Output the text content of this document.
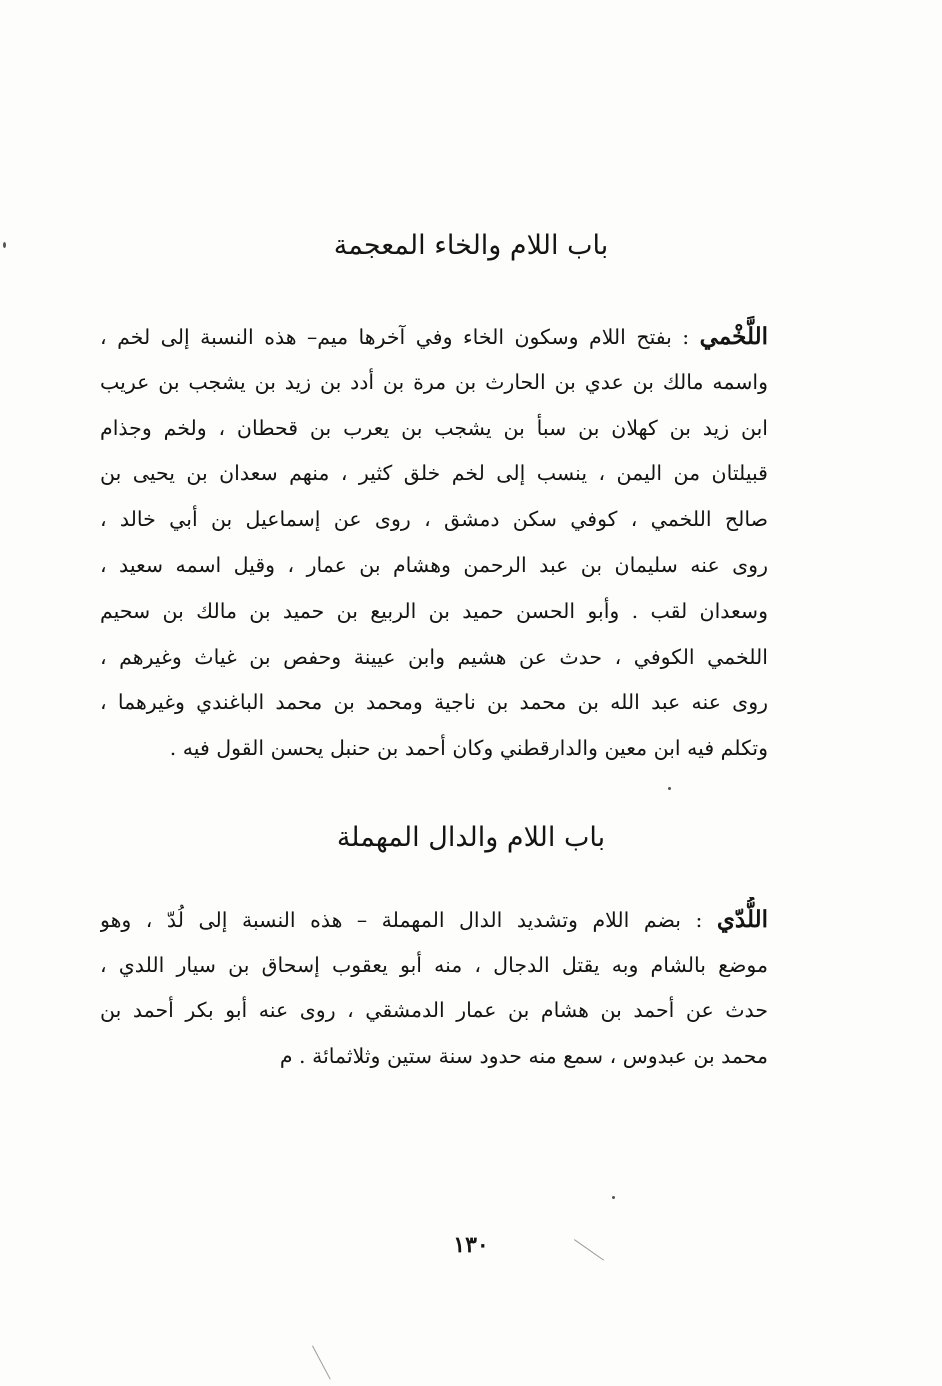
باب اللام والخاء المعجمة
اللَّخْمي : بفتح اللام وسكون الخاء وفي آخرها ميم– هذه النسبة إلى لخم ،
واسمه مالك بن عدي بن الحارث بن مرة بن أدد بن زيد بن يشجب بن عريب
ابن زيد بن كهلان بن سبأ بن يشجب بن يعرب بن قحطان ، ولخم وجذام
قبيلتان من اليمن ، ينسب إلى لخم خلق كثير ، منهم سعدان بن يحيى بن
صالح اللخمي ، كوفي سكن دمشق ، روى عن إسماعيل بن أبي خالد ،
روى عنه سليمان بن عبد الرحمن وهشام بن عمار ، وقيل اسمه سعيد ،
وسعدان لقب . وأبو الحسن حميد بن الربيع بن حميد بن مالك بن سحيم
اللخمي الكوفي ، حدث عن هشيم وابن عيينة وحفص بن غياث وغيرهم ،
روى عنه عبد الله بن محمد بن ناجية ومحمد بن محمد الباغندي وغيرهما ،
وتكلم فيه ابن معين والدارقطني وكان أحمد بن حنبل يحسن القول فيه .
باب اللام والدال المهملة
اللُّدّي : بضم اللام وتشديد الدال المهملة – هذه النسبة إلى لُدّ ، وهو
موضع بالشام وبه يقتل الدجال ، منه أبو يعقوب إسحاق بن سيار اللدي ،
حدث عن أحمد بن هشام بن عمار الدمشقي ، روى عنه أبو بكر أحمد بن
محمد بن عبدوس ، سمع منه حدود سنة ستين وثلاثمائة . م
١٣٠
